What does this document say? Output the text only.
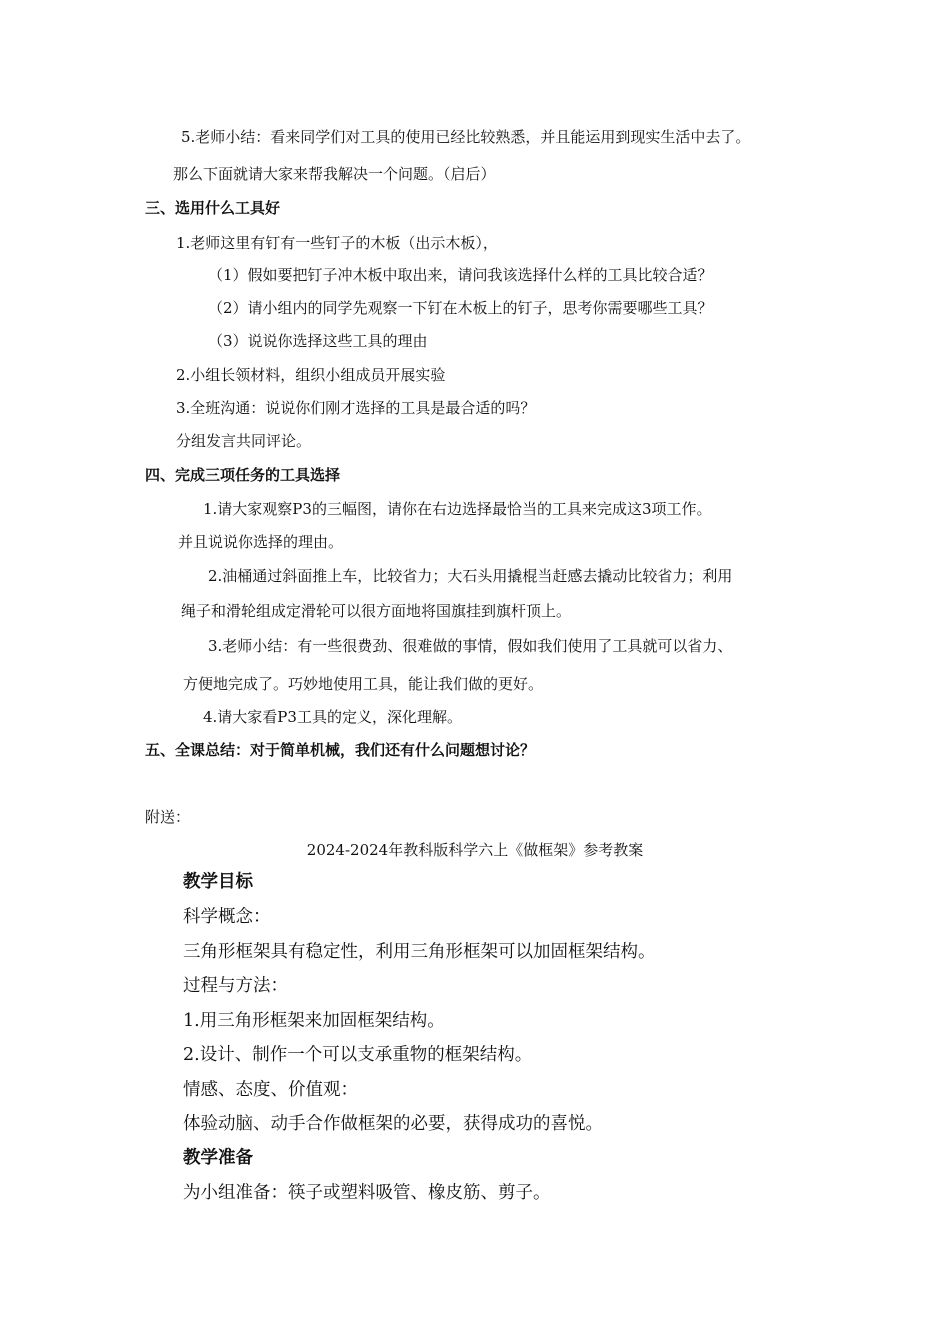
5.老师小结：看来同学们对工具的使用已经比较熟悉，并且能运用到现实生活中去了。
那么下面就请大家来帮我解决一个问题。（启后）
三、选用什么工具好
1.老师这里有钉有一些钉子的木板（出示木板），
（1）假如要把钉子冲木板中取出来，请问我该选择什么样的工具比较合适？
（2）请小组内的同学先观察一下钉在木板上的钉子，思考你需要哪些工具？
（3）说说你选择这些工具的理由
2.小组长领材料，组织小组成员开展实验
3.全班沟通：说说你们刚才选择的工具是最合适的吗？
分组发言共同评论。
四、完成三项任务的工具选择
1.请大家观察P3的三幅图，请你在右边选择最恰当的工具来完成这3项工作。
并且说说你选择的理由。
2.油桶通过斜面推上车，比较省力；大石头用撬棍当赶感去撬动比较省力；利用
绳子和滑轮组成定滑轮可以很方面地将国旗挂到旗杆顶上。
3.老师小结：有一些很费劲、很难做的事情，假如我们使用了工具就可以省力、
方便地完成了。巧妙地使用工具，能让我们做的更好。
4.请大家看P3工具的定义，深化理解。
五、全课总结：对于简单机械，我们还有什么问题想讨论？
附送：
2024-2024年教科版科学六上《做框架》参考教案
教学目标
科学概念：
三角形框架具有稳定性，利用三角形框架可以加固框架结构。
过程与方法：
1.用三角形框架来加固框架结构。
2.设计、制作一个可以支承重物的框架结构。
情感、态度、价值观：
体验动脑、动手合作做框架的必要，获得成功的喜悦。
教学准备
为小组准备：筷子或塑料吸管、橡皮筋、剪子。
